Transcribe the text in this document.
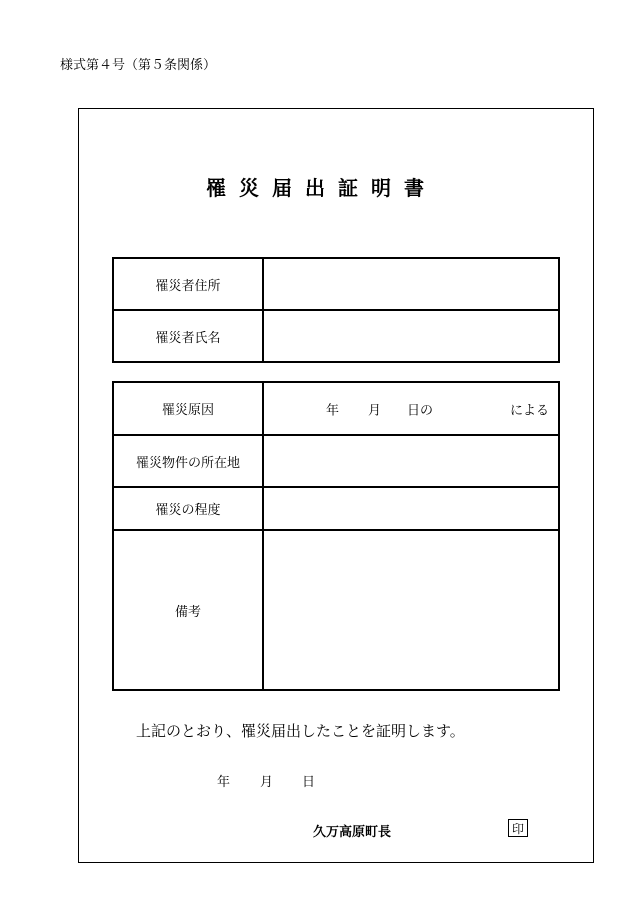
様式第４号（第５条関係）
罹災届出証明書
罹災者住所	
罹災者氏名	
罹災原因	年 月 日の による

罹災物件の所在地	
罹災の程度	
備考	
上記のとおり、罹災届出したことを証明します。
年 月 日
久万高原町長	印
